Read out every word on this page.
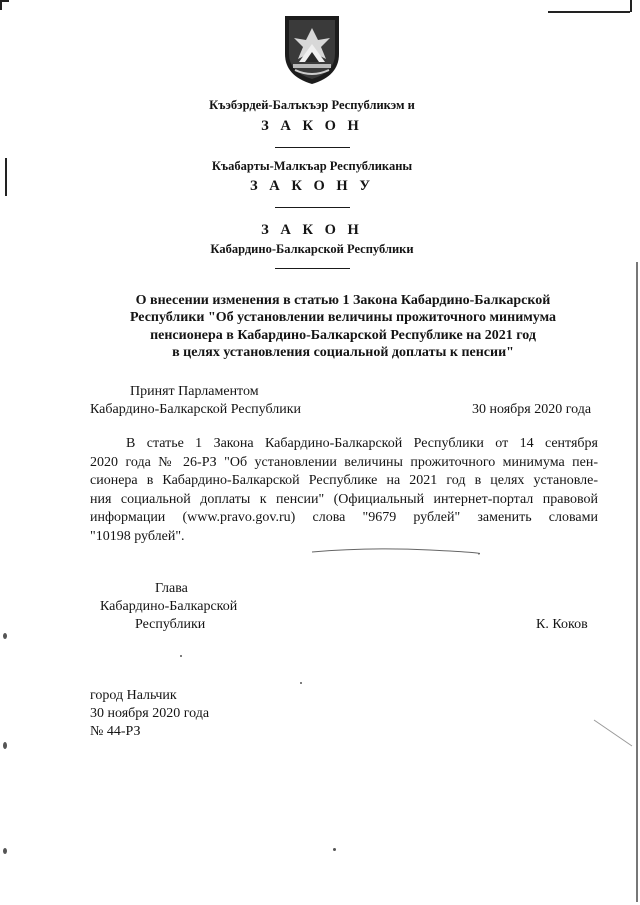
Къэбэрдей-Балъкъэр Республикэм и
З А К О Н
Къабарты-Малкъар Республиканы
З А К О Н У
З А К О Н
Кабардино-Балкарской Республики
О внесении изменения в статью 1 Закона Кабардино-Балкарской
Республики "Об установлении величины прожиточного минимума
пенсионера в Кабардино-Балкарской Республике на 2021 год
в целях установления социальной доплаты к пенсии"
Принят Парламентом
Кабардино-Балкарской Республики	30 ноября 2020 года
В статье 1 Закона Кабардино-Балкарской Республики от 14 сентября
2020 года № 26-РЗ "Об установлении величины прожиточного минимума пен-
сионера в Кабардино-Балкарской Республике на 2021 год в целях установле-
ния социальной доплаты к пенсии" (Официальный интернет-портал правовой
информации (www.pravo.gov.ru) слова "9679 рублей" заменить словами
"10198 рублей".
Глава
Кабардино-Балкарской
Республики	К. Коков
город Нальчик
30 ноября 2020 года
№ 44-РЗ
